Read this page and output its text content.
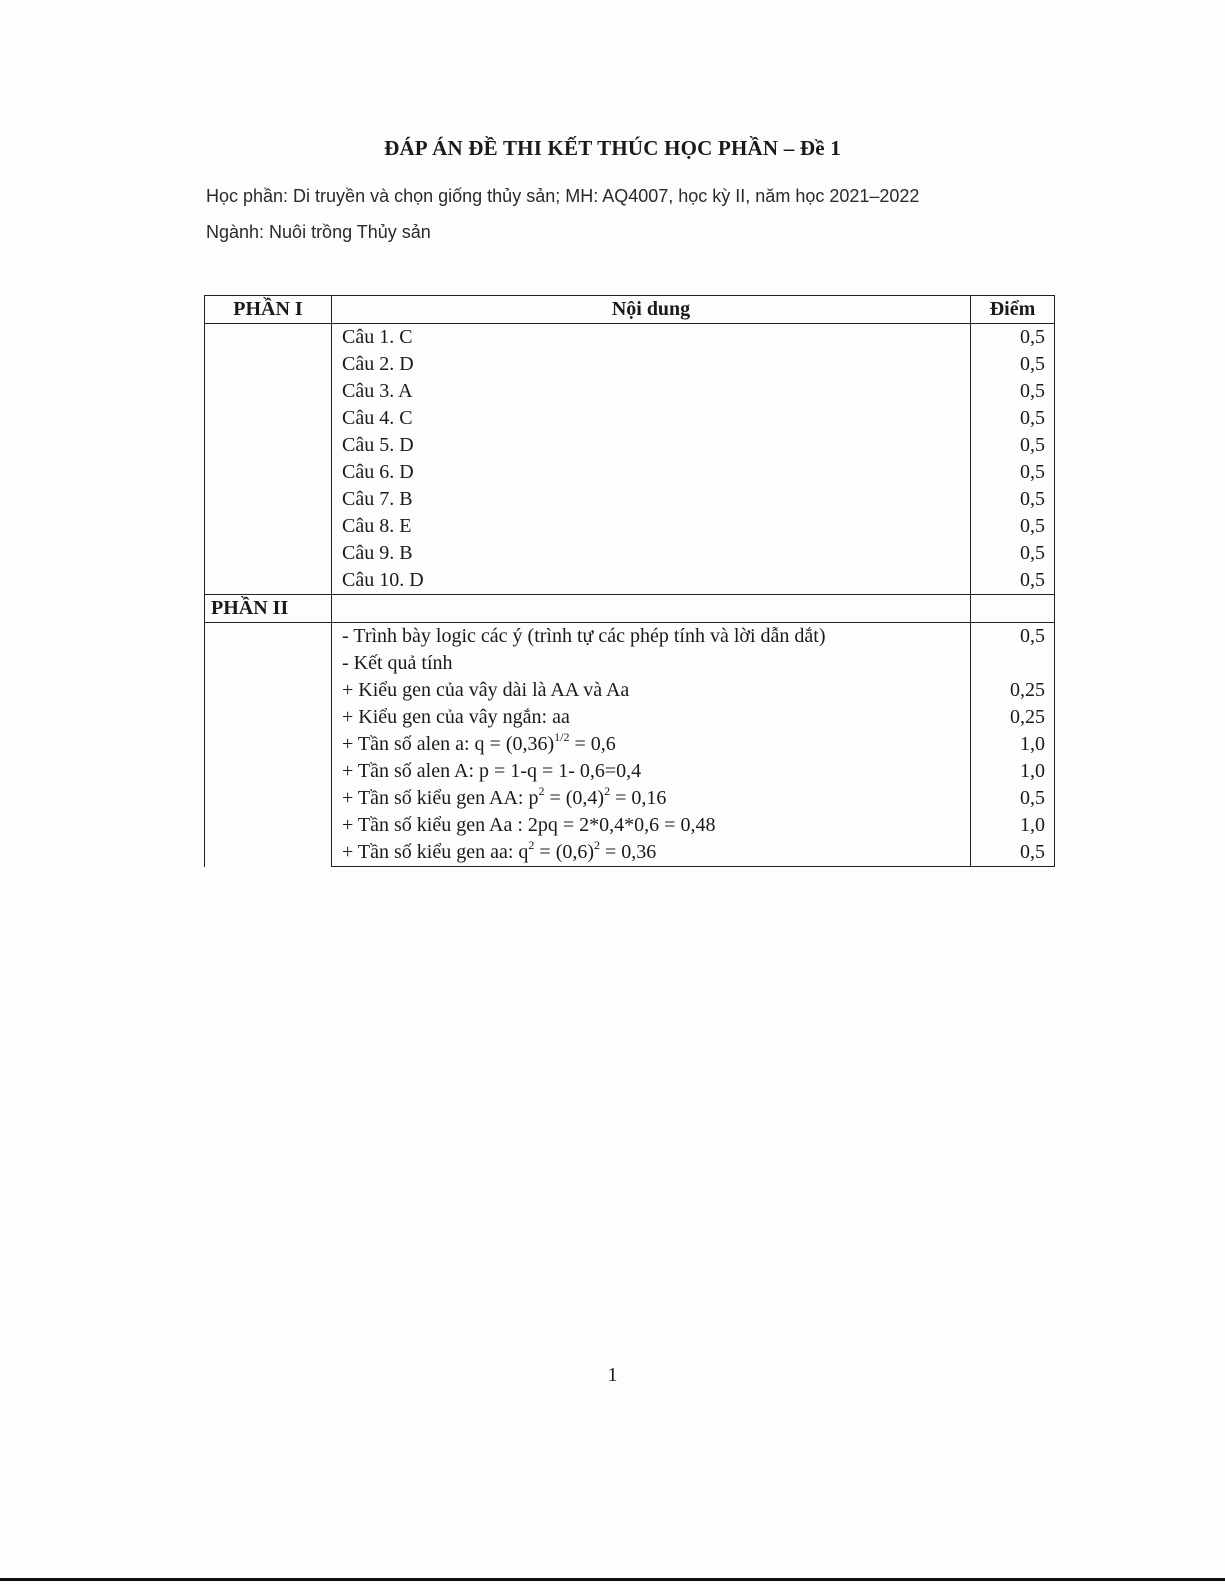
ĐÁP ÁN ĐỀ THI KẾT THÚC HỌC PHẦN – Đề 1
Học phần: Di truyền và chọn giống thủy sản; MH: AQ4007, học kỳ II, năm học 2021–2022
Ngành: Nuôi trồng Thủy sản
PHẦN I	Nội dung	Điểm
	Câu 1. C	0,5
	Câu 2. D	0,5
	Câu 3. A	0,5
	Câu 4. C	0,5
	Câu 5. D	0,5
	Câu 6. D	0,5
	Câu 7. B	0,5
	Câu 8. E	0,5
	Câu 9. B	0,5
	Câu 10. D	0,5
PHẦN II		
	- Trình bày logic các ý (trình tự các phép tính và lời dẫn dắt)	0,5
	- Kết quả tính	
	+ Kiểu gen của vây dài là AA và Aa	0,25
	+ Kiểu gen của vây ngắn: aa	0,25
	+ Tần số alen a: $q = (0,36)^{1/2} = 0,6$	1,0
	+ Tần số alen A: p = 1-q = 1- 0,6=0,4	1,0
	+ Tần số kiểu gen AA: $p^2 = (0,4)^2 = 0,16$	0,5
	+ Tần số kiểu gen Aa : 2pq = 2*0,4*0,6 = 0,48	1,0
	+ Tần số kiểu gen aa: $q^2 = (0,6)^2 = 0,36$	0,5
1
